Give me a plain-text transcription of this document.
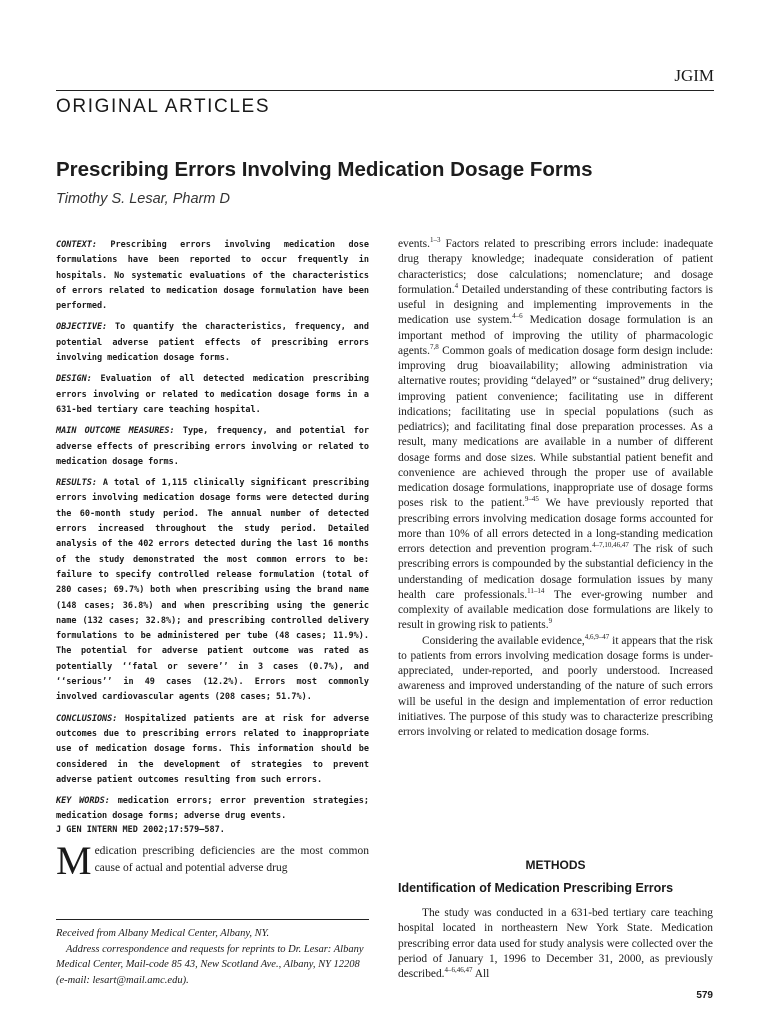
JGIM
ORIGINAL ARTICLES
Prescribing Errors Involving Medication Dosage Forms
Timothy S. Lesar, Pharm D

CONTEXT: Prescribing errors involving medication dose formulations have been reported to occur frequently in hospitals. No systematic evaluations of the characteristics of errors related to medication dosage formulation have been performed.

OBJECTIVE: To quantify the characteristics, frequency, and potential adverse patient effects of prescribing errors involving medication dosage forms.

DESIGN: Evaluation of all detected medication prescribing errors involving or related to medication dosage forms in a 631-bed tertiary care teaching hospital.

MAIN OUTCOME MEASURES: Type, frequency, and potential for adverse effects of prescribing errors involving or related to medication dosage forms.

RESULTS: A total of 1,115 clinically significant prescribing errors involving medication dosage forms were detected during the 60-month study period. The annual number of detected errors increased throughout the study period. Detailed analysis of the 402 errors detected during the last 16 months of the study demonstrated the most common errors to be: failure to specify controlled release formulation (total of 280 cases; 69.7%) both when prescribing using the brand name (148 cases; 36.8%) and when prescribing using the generic name (132 cases; 32.8%); and prescribing controlled delivery formulations to be administered per tube (48 cases; 11.9%). The potential for adverse patient outcome was rated as potentially ‘‘fatal or severe’’ in 3 cases (0.7%), and ‘‘serious’’ in 49 cases (12.2%). Errors most commonly involved cardiovascular agents (208 cases; 51.7%).

CONCLUSIONS: Hospitalized patients are at risk for adverse outcomes due to prescribing errors related to inappropriate use of medication dosage forms. This information should be considered in the development of strategies to prevent adverse patient outcomes resulting from such errors.

KEY WORDS: medication errors; error prevention strategies; medication dosage forms; adverse drug events.

J GEN INTERN MED 2002;17:579–587.
Medication prescribing deficiencies are the most common cause of actual and potential adverse drug

Received from Albany Medical Center, Albany, NY.

Address correspondence and requests for reprints to Dr. Lesar: Albany Medical Center, Mail-code 85 43, New Scotland Ave., Albany, NY 12208 (e-mail: lesart@mail.amc.edu).

events.$^{1-3}$ Factors related to prescribing errors include: inadequate drug therapy knowledge; inadequate consideration of patient characteristics; dose calculations; nomenclature; and dosage formulation.$^4$ Detailed understanding of these contributing factors is useful in designing and implementing improvements in the medication use system.$^{4-6}$ Medication dosage formulation is an important method of improving the utility of pharmacologic agents.$^{7,8}$ Common goals of medication dosage form design include: improving drug bioavailability; allowing administration via alternative routes; providing “delayed” or “sustained” drug delivery; improving patient convenience; facilitating use in different indications; facilitating use in special populations (such as pediatrics); and facilitating final dose preparation processes. As a result, many medications are available in a number of different dosage forms and dose sizes. While substantial patient benefit and convenience are achieved through the proper use of available medication dosage formulations, inappropriate use of dosage forms poses risk to the patient.$^{9-45}$ We have previously reported that prescribing errors involving medication dosage forms accounted for more than 10% of all errors detected in a long-standing medication errors detection and prevention program.$^{4-7,10,46,47}$ The risk of such prescribing errors is compounded by the substantial deficiency in the understanding of medication dosage formulation issues by many health care professionals.$^{11-14}$ The ever-growing number and complexity of available medication dose formulations are likely to result in growing risk to patients.$^9$

Considering the available evidence,$^{4,6,9-47}$ it appears that the risk to patients from errors involving medication dosage forms is under-appreciated, under-reported, and poorly understood. Increased awareness and improved understanding of the nature of such errors will be useful in the design and implementation of error reduction initiatives. The purpose of this study was to characterize prescribing errors involving or related to medication dosage forms.

METHODS
Identification of Medication Prescribing Errors

The study was conducted in a 631-bed tertiary care teaching hospital located in northeastern New York State. Medication prescribing error data used for study analysis were collected over the period of January 1, 1996 to December 31, 2000, as previously described.$^{4-6,46,47}$ All

579
